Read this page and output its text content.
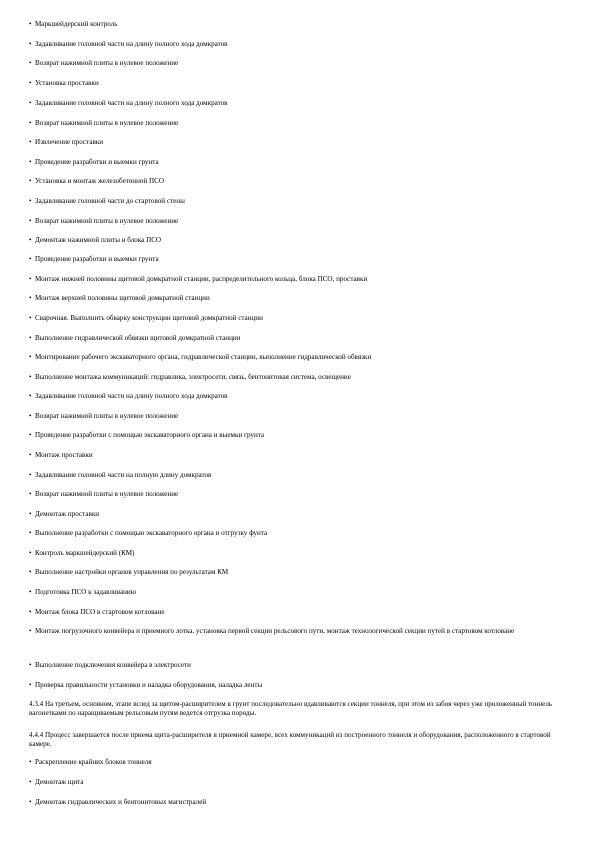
• Маркшейдерский контроль
• Задавливание головной части на длину полного хода домкратов
• Возврат нажимной плиты в нулевое положение
• Установка проставки
• Задавливание головной части на длину полного хода домкратов
• Возврат нажимной плиты в нулевое положение
• Извлечение проставки
• Проведение разработки и выемки грунта
• Установка и монтаж железобетонной ПСО
• Задавливание головной части до стартовой стены
• Возврат нажимной плиты в нулевое положение
• Демонтаж нажимной плиты и блока ПСО
• Проведение разработки и выемки грунта
• Монтаж нижней половины щитовой домкратной станции, распределительного кольца, блока ПСО, проставки
• Монтаж верхней половины щитовой домкратной станции
• Сварочная. Выполнить обварку конструкции щитовой домкратной станции
• Выполнение гидравлической обвязки щитовой домкратной станции
• Монтирование рабочего экскаваторного органа, гидравлической станции, выполнение гидравлической обвязки
• Выполнение монтажа коммуникаций: гидравлика, электросети, связь, бентонитовая система, освещение
• Задавливание головной части на длину полного хода домкратов
• Возврат нажимной плиты в нулевое положение
• Проведение разработки с помощью экскаваторного органа и выемки грунта
• Монтаж проставки
• Задавливание головной части на полную длину домкратов
• Возврат нажимной плиты в нулевое положение
• Демонтаж проставки
• Выполнение разработки с помощью экскаваторного органа и отгрузку фунта
• Контроль маркшейдерский (КМ)
• Выполнение настройки органов управления по результатам КМ
• Подготовка ПСО к задавливанию
• Монтаж блока ПСО в стартовом котловане
• Монтаж погрузочного конвейера и приемного лотка, установка первой секции рельсового пути, монтаж технологической секции путей в стартовом котловане
• Выполнение подключения конвейера в электросети
• Проверка правильности установки и наладка оборудования, наладка ленты
4.3.4 На третьем, основном, этапе вслед за щитом-расширителем в грунт последовательно вдавливаются секции тоннеля, при этом из забоя через уже проложенный тоннель вагонетками по наращиваемым рельсовым путям ведется отгрузка породы.
4.4.4 Процесс завершается после приема щита-расширителя в приемной камере, всех коммуникаций из построенного тоннеля и оборудования, расположенного в стартовой камере.
• Раскрепление крайних блоков тоннеля
• Демонтаж щита
• Демонтаж гидравлических и бентонитовых магистралей
